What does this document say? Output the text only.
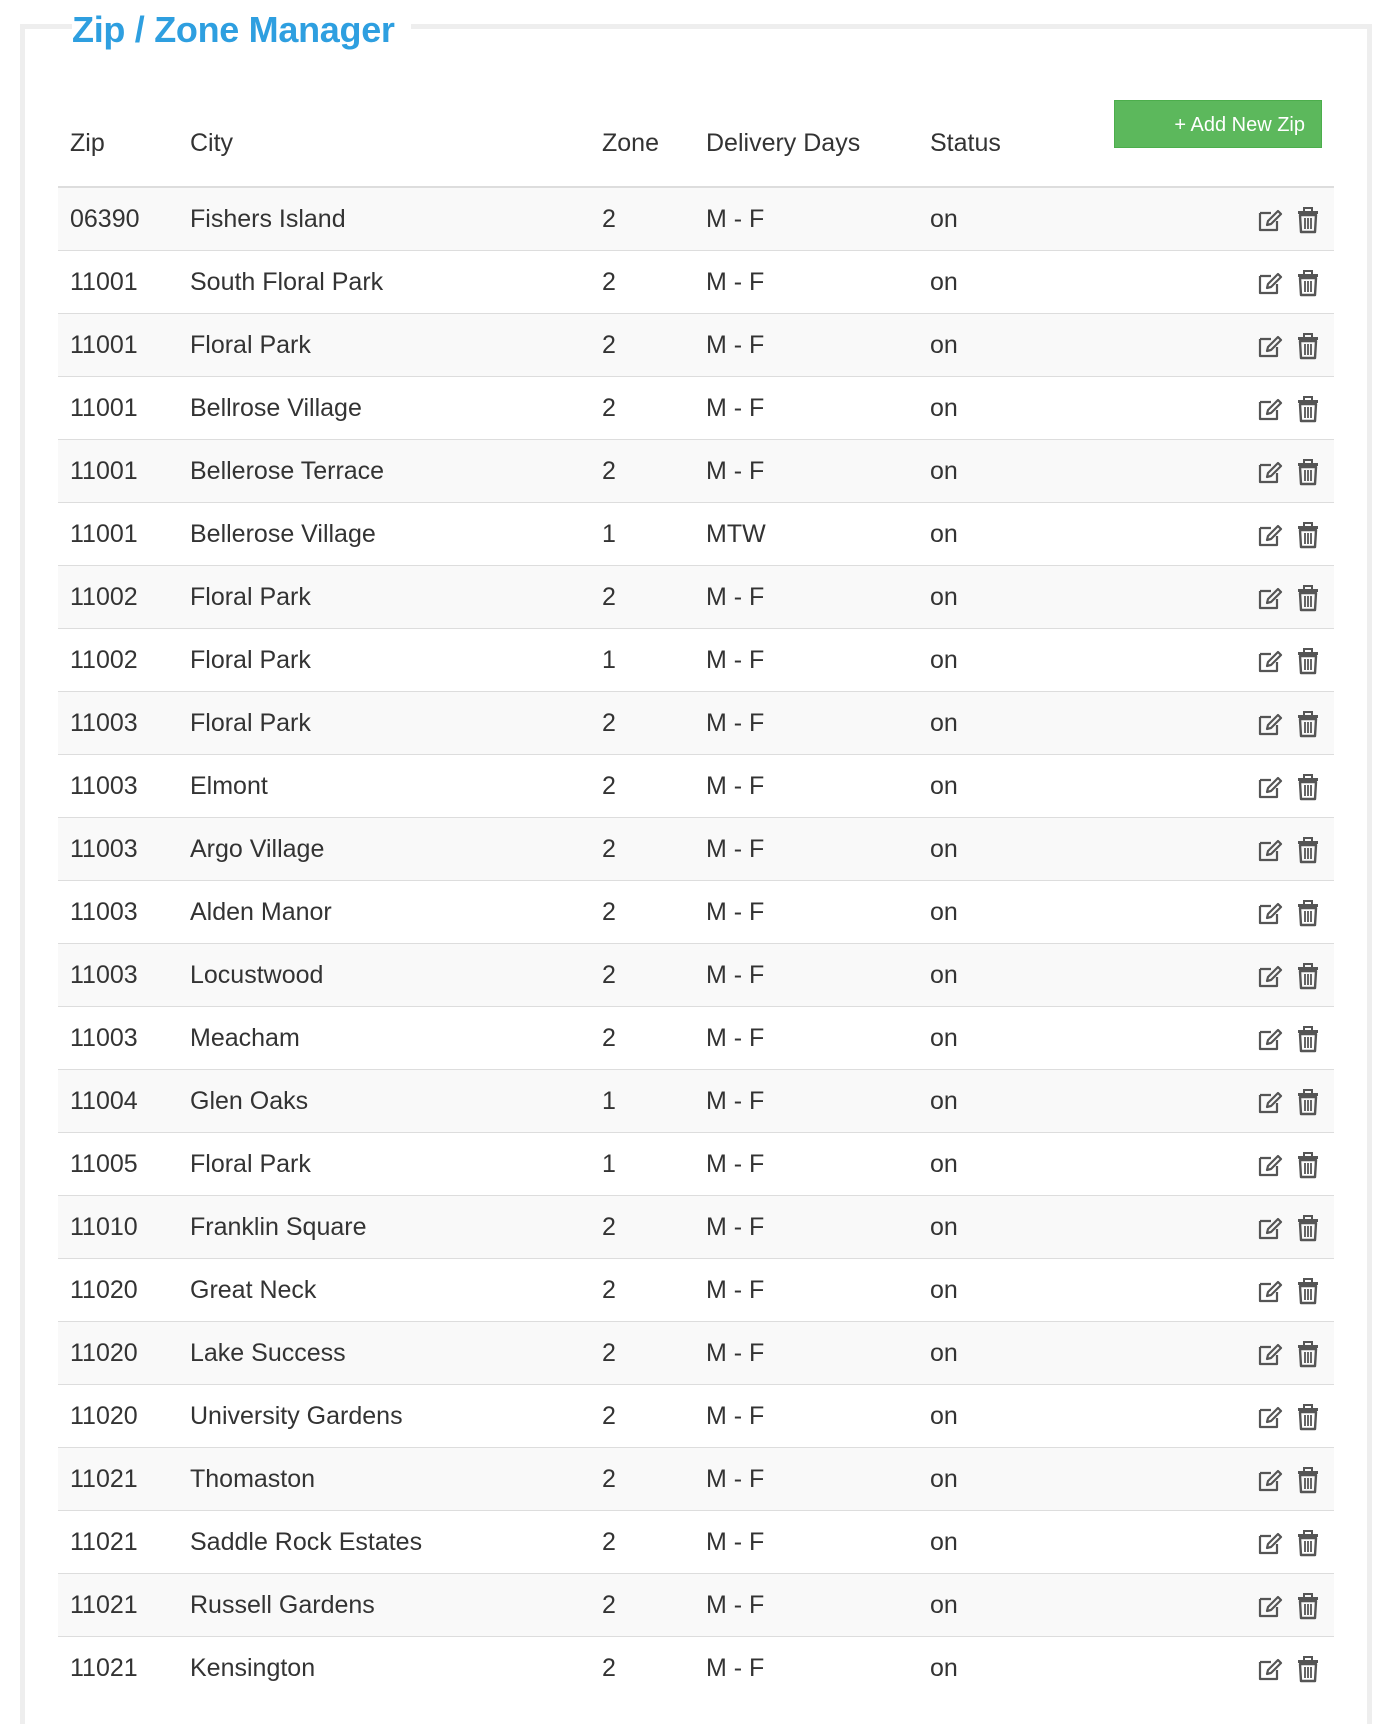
Zip / Zone Manager
Zip	City	Zone	Delivery Days	Status	+ Add New Zip Code
06390	Fishers Island	2	M - F	on	

11001	South Floral Park	2	M - F	on	

11001	Floral Park	2	M - F	on	

11001	Bellrose Village	2	M - F	on	

11001	Bellerose Terrace	2	M - F	on	

11001	Bellerose Village	1	MTW	on	

11002	Floral Park	2	M - F	on	

11002	Floral Park	1	M - F	on	

11003	Floral Park	2	M - F	on	

11003	Elmont	2	M - F	on	

11003	Argo Village	2	M - F	on	

11003	Alden Manor	2	M - F	on	

11003	Locustwood	2	M - F	on	

11003	Meacham	2	M - F	on	

11004	Glen Oaks	1	M - F	on	

11005	Floral Park	1	M - F	on	

11010	Franklin Square	2	M - F	on	

11020	Great Neck	2	M - F	on	

11020	Lake Success	2	M - F	on	

11020	University Gardens	2	M - F	on	

11021	Thomaston	2	M - F	on	

11021	Saddle Rock Estates	2	M - F	on	

11021	Russell Gardens	2	M - F	on	

11021	Kensington	2	M - F	on	
